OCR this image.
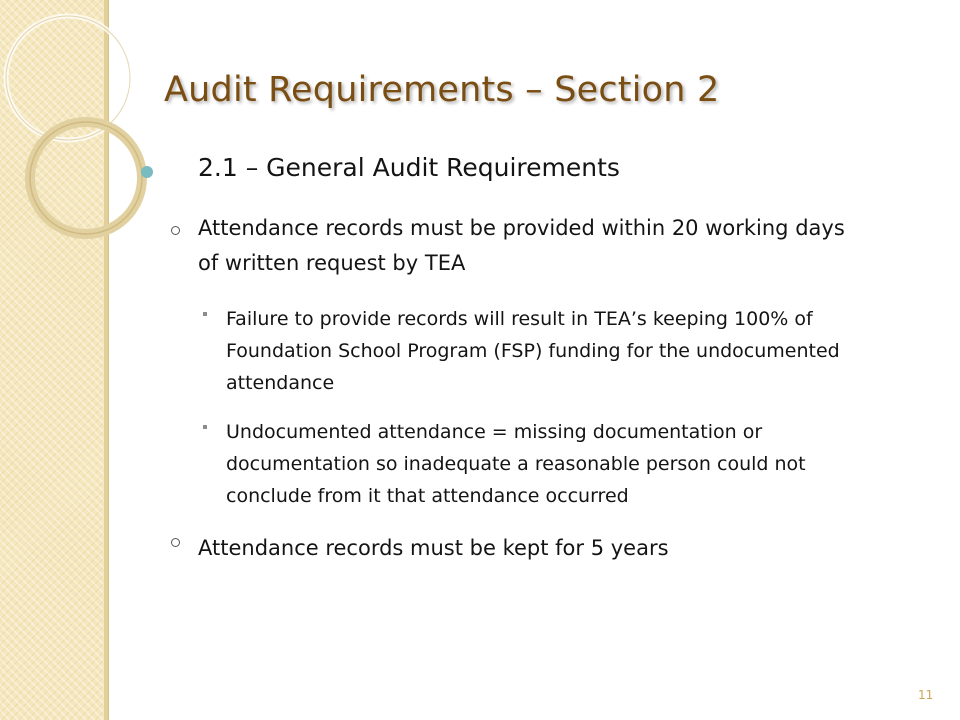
Audit Requirements – Section 2
2.1 – General Audit Requirements
Attendance records must be provided within 20 working days of written request by TEA
Failure to provide records will result in TEA’s keeping 100% of Foundation School Program (FSP) funding for the undocumented attendance
Undocumented attendance = missing documentation or documentation so inadequate a reasonable person could not conclude from it that attendance occurred
Attendance records must be kept for 5 years
11
